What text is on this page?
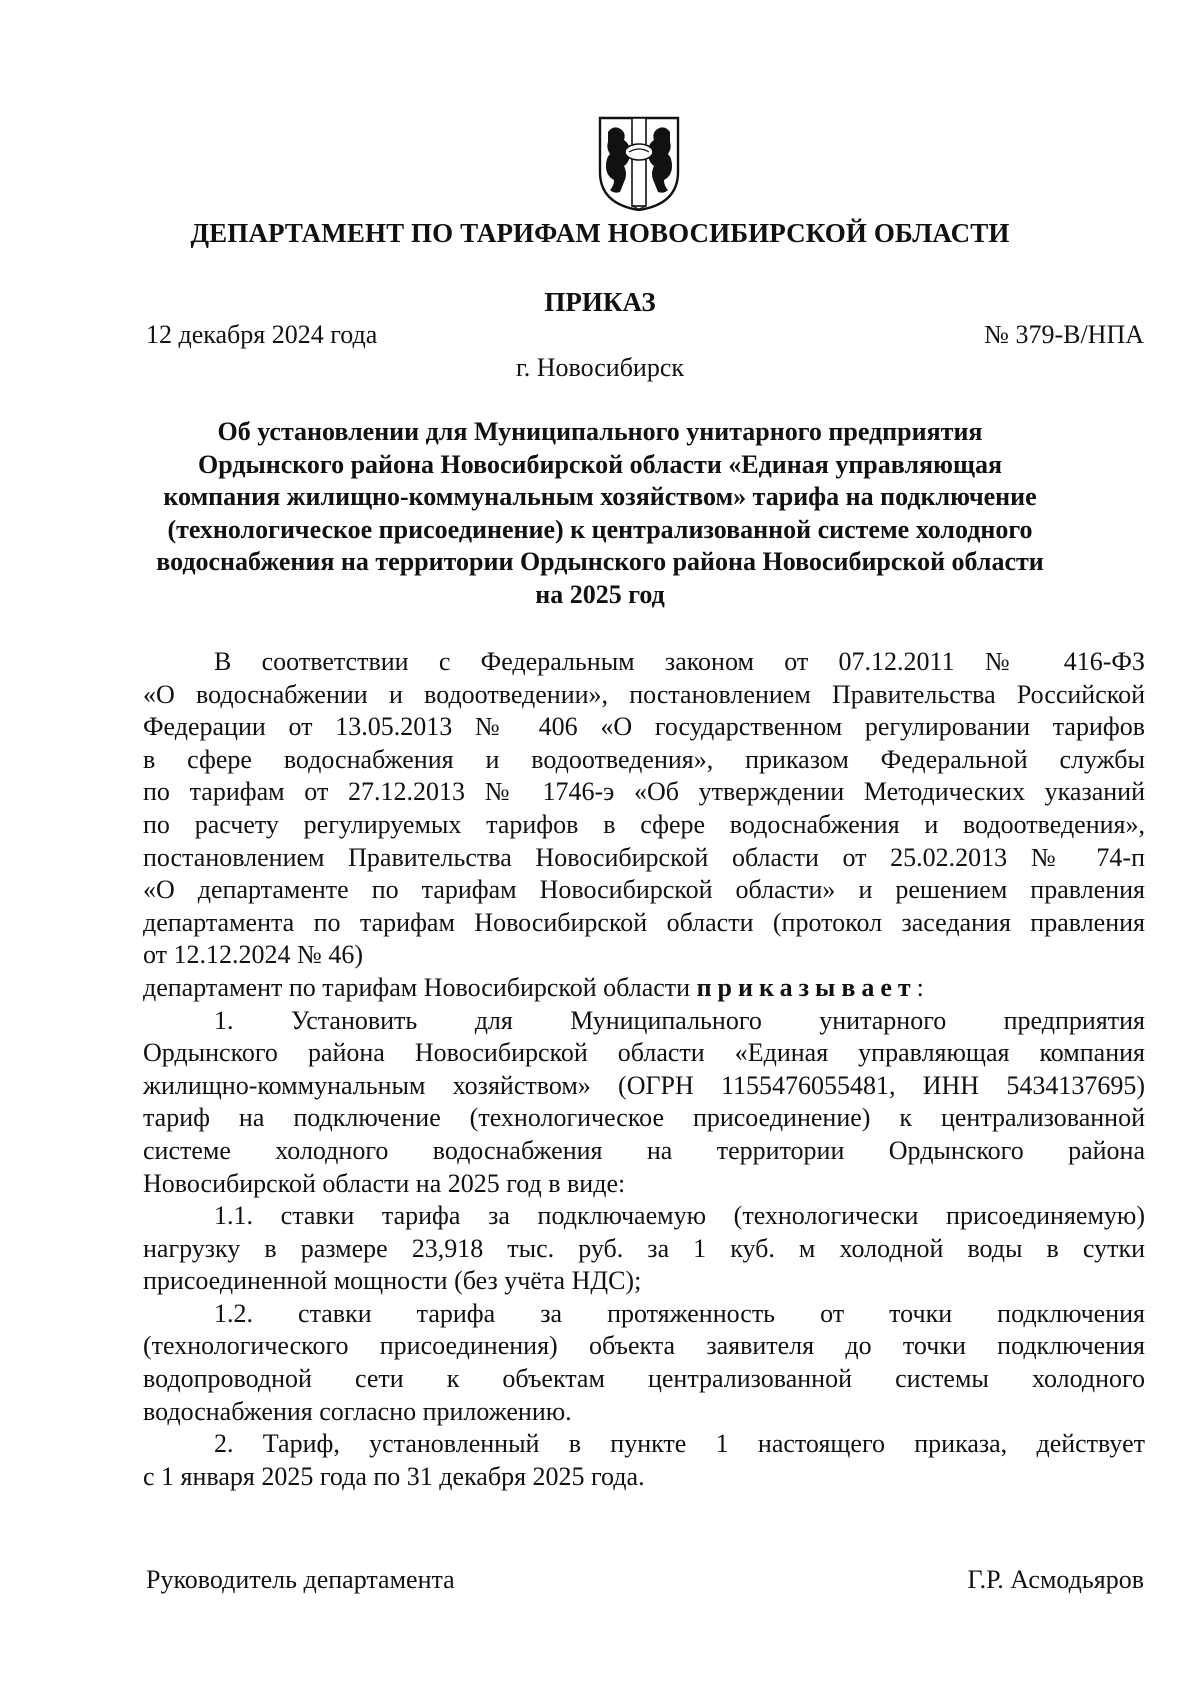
ДЕПАРТАМЕНТ ПО ТАРИФАМ НОВОСИБИРСКОЙ ОБЛАСТИ
ПРИКАЗ
12 декабря 2024 года	№ 379-В/НПА
г. Новосибирск
Об установлении для Муниципального унитарного предприятия
Ордынского района Новосибирской области «Единая управляющая
компания жилищно-коммунальным хозяйством» тарифа на подключение
(технологическое присоединение) к централизованной системе холодного
водоснабжения на территории Ордынского района Новосибирской области
на 2025 год
В соответствии с Федеральным законом от 07.12.2011 № 416-ФЗ
«О водоснабжении и водоотведении», постановлением Правительства Российской
Федерации от 13.05.2013 № 406 «О государственном регулировании тарифов
в сфере водоснабжения и водоотведения», приказом Федеральной службы
по тарифам от 27.12.2013 № 1746-э «Об утверждении Методических указаний
по расчету регулируемых тарифов в сфере водоснабжения и водоотведения»,
постановлением Правительства Новосибирской области от 25.02.2013 № 74-п
«О департаменте по тарифам Новосибирской области» и решением правления
департамента по тарифам Новосибирской области (протокол заседания правления
от 12.12.2024 № 46)
департамент по тарифам Новосибирской области приказывает:
1. Установить для Муниципального унитарного предприятия
Ордынского района Новосибирской области «Единая управляющая компания
жилищно-коммунальным хозяйством» (ОГРН 1155476055481, ИНН 5434137695)
тариф на подключение (технологическое присоединение) к централизованной
системе холодного водоснабжения на территории Ордынского района
Новосибирской области на 2025 год в виде:
1.1. ставки тарифа за подключаемую (технологически присоединяемую)
нагрузку в размере 23,918 тыс. руб. за 1 куб. м холодной воды в сутки
присоединенной мощности (без учёта НДС);
1.2. ставки тарифа за протяженность от точки подключения
(технологического присоединения) объекта заявителя до точки подключения
водопроводной сети к объектам централизованной системы холодного
водоснабжения согласно приложению.
2. Тариф, установленный в пункте 1 настоящего приказа, действует
с 1 января 2025 года по 31 декабря 2025 года.
Руководитель департамента	Г.Р. Асмодьяров
